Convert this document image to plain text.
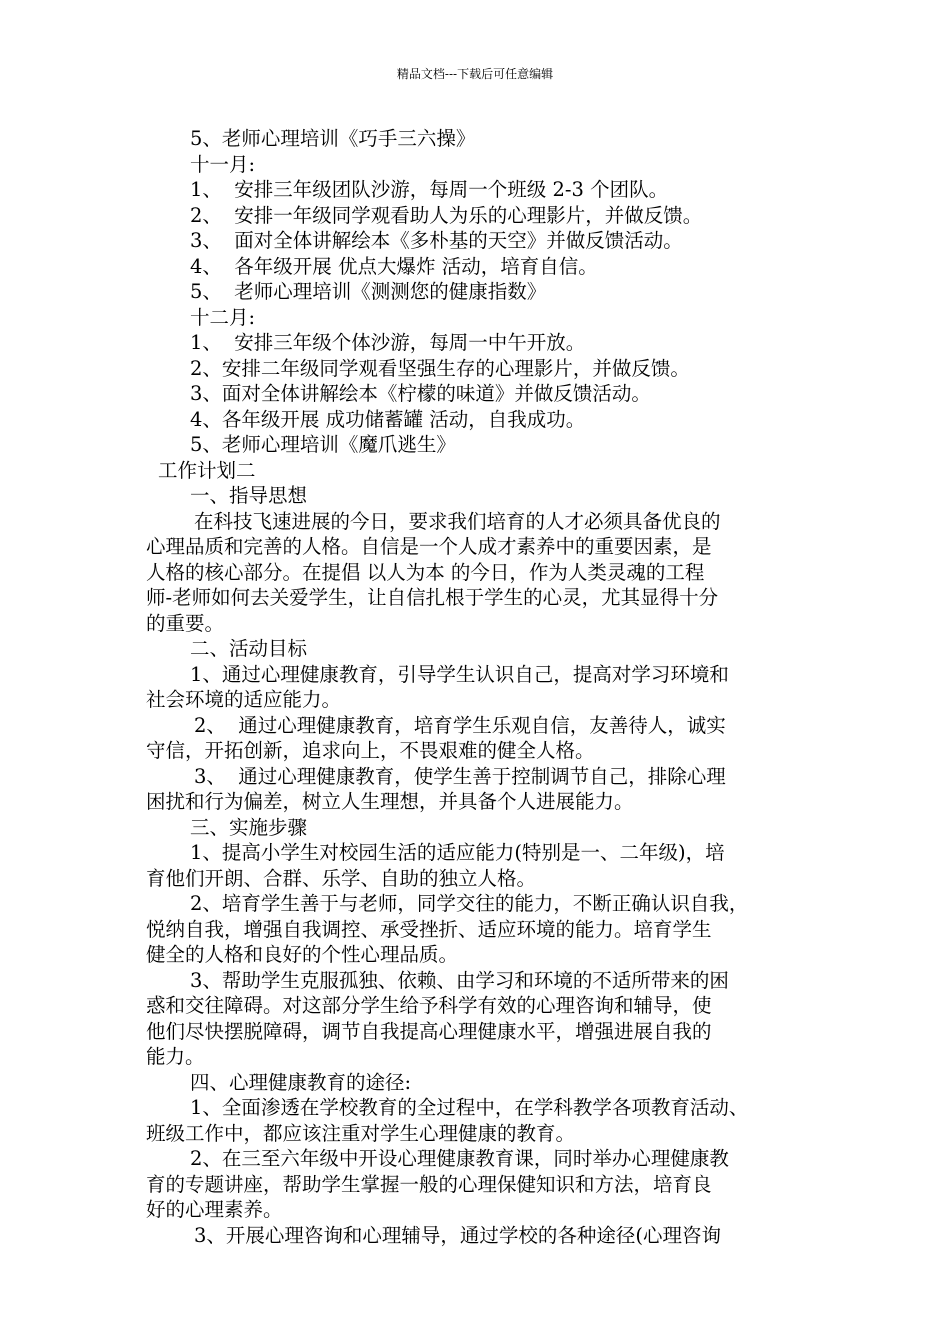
精品文档---下载后可任意编辑
5、老师心理培训《巧手三六操》
十一月:
1、  安排三年级团队沙游，每周一个班级 2-3 个团队。
2、  安排一年级同学观看助人为乐的心理影片，并做反馈。
3、  面对全体讲解绘本《多朴基的天空》并做反馈活动。
4、  各年级开展 优点大爆炸 活动，培育自信。
5、  老师心理培训《测测您的健康指数》
十二月:
1、  安排三年级个体沙游，每周一中午开放。
2、安排二年级同学观看坚强生存的心理影片，并做反馈。
3、面对全体讲解绘本《柠檬的味道》并做反馈活动。
4、各年级开展 成功储蓄罐 活动，自我成功。
5、老师心理培训《魔爪逃生》
工作计划二
一、指导思想
在科技飞速进展的今日，要求我们培育的人才必须具备优良的
心理品质和完善的人格。自信是一个人成才素养中的重要因素，是
人格的核心部分。在提倡 以人为本 的今日，作为人类灵魂的工程
师-老师如何去关爱学生，让自信扎根于学生的心灵，尤其显得十分
的重要。
二、活动目标
1、通过心理健康教育，引导学生认识自己，提高对学习环境和
社会环境的适应能力。
2、  通过心理健康教育，培育学生乐观自信，友善待人，诚实
守信，开拓创新，追求向上，不畏艰难的健全人格。
3、  通过心理健康教育，使学生善于控制调节自己，排除心理
困扰和行为偏差，树立人生理想，并具备个人进展能力。
三、实施步骤
1、提高小学生对校园生活的适应能力(特别是一、二年级)，培
育他们开朗、合群、乐学、自助的独立人格。
2、培育学生善于与老师，同学交往的能力，不断正确认识自我，
悦纳自我，增强自我调控、承受挫折、适应环境的能力。培育学生
健全的人格和良好的个性心理品质。
3、帮助学生克服孤独、依赖、由学习和环境的不适所带来的困
惑和交往障碍。对这部分学生给予科学有效的心理咨询和辅导，使
他们尽快摆脱障碍，调节自我提高心理健康水平，增强进展自我的
能力。
四、心理健康教育的途径:
1、全面渗透在学校教育的全过程中，在学科教学各项教育活动、
班级工作中，都应该注重对学生心理健康的教育。
2、在三至六年级中开设心理健康教育课，同时举办心理健康教
育的专题讲座，帮助学生掌握一般的心理保健知识和方法，培育良
好的心理素养。
3、开展心理咨询和心理辅导，通过学校的各种途径(心理咨询
